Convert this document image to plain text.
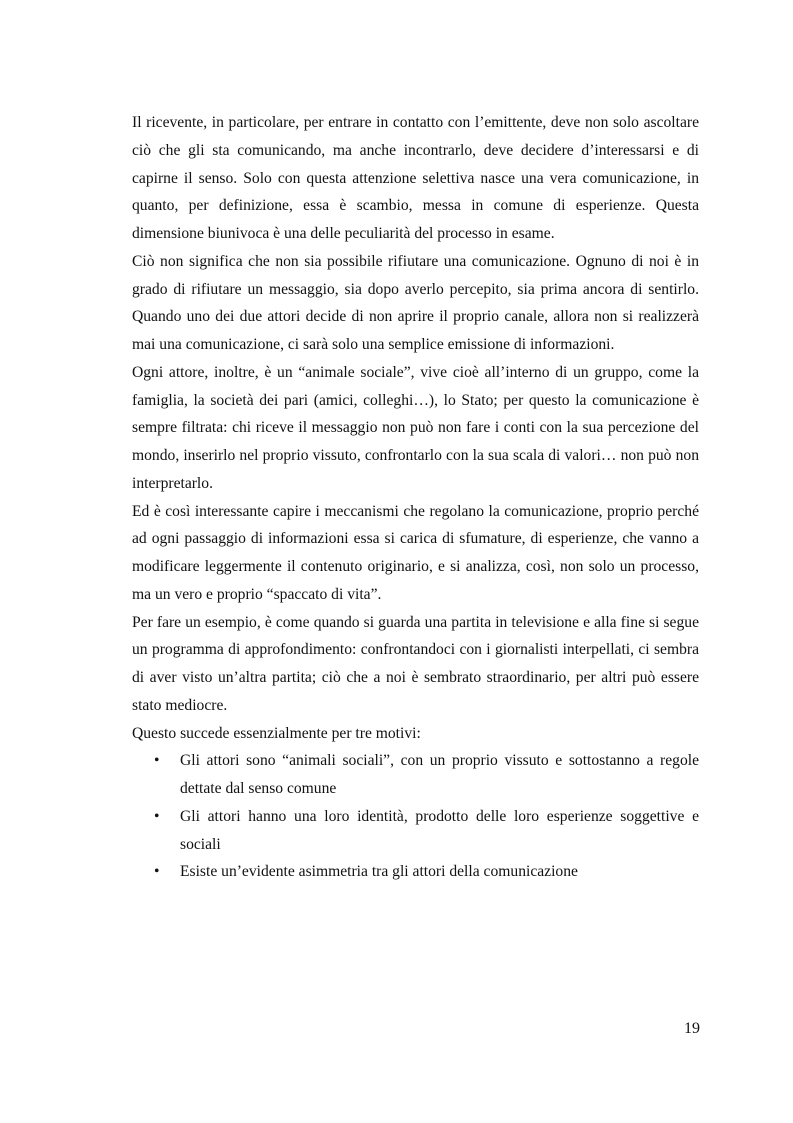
Il ricevente, in particolare, per entrare in contatto con l’emittente, deve non solo ascoltare ciò che gli sta comunicando, ma anche incontrarlo, deve decidere d’interessarsi e di capirne il senso. Solo con questa attenzione selettiva nasce una vera comunicazione, in quanto, per definizione, essa è scambio, messa in comune di esperienze. Questa dimensione biunivoca è una delle peculiarità del processo in esame.

Ciò non significa che non sia possibile rifiutare una comunicazione. Ognuno di noi è in grado di rifiutare un messaggio, sia dopo averlo percepito, sia prima ancora di sentirlo. Quando uno dei due attori decide di non aprire il proprio canale, allora non si realizzerà mai una comunicazione, ci sarà solo una semplice emissione di informazioni.

Ogni attore, inoltre, è un “animale sociale”, vive cioè all’interno di un gruppo, come la famiglia, la società dei pari (amici, colleghi…), lo Stato; per questo la comunicazione è sempre filtrata: chi riceve il messaggio non può non fare i conti con la sua percezione del mondo, inserirlo nel proprio vissuto, confrontarlo con la sua scala di valori… non può non interpretarlo.

Ed è così interessante capire i meccanismi che regolano la comunicazione, proprio perché ad ogni passaggio di informazioni essa si carica di sfumature, di esperienze, che vanno a modificare leggermente il contenuto originario, e si analizza, così, non solo un processo, ma un vero e proprio “spaccato di vita”.

Per fare un esempio, è come quando si guarda una partita in televisione e alla fine si segue un programma di approfondimento: confrontandoci con i giornalisti interpellati, ci sembra di aver visto un’altra partita; ciò che a noi è sembrato straordinario, per altri può essere stato mediocre.

Questo succede essenzialmente per tre motivi:

• Gli attori sono “animali sociali”, con un proprio vissuto e sottostanno a regole dettate dal senso comune
• Gli attori hanno una loro identità, prodotto delle loro esperienze soggettive e sociali
• Esiste un’evidente asimmetria tra gli attori della comunicazione
19
